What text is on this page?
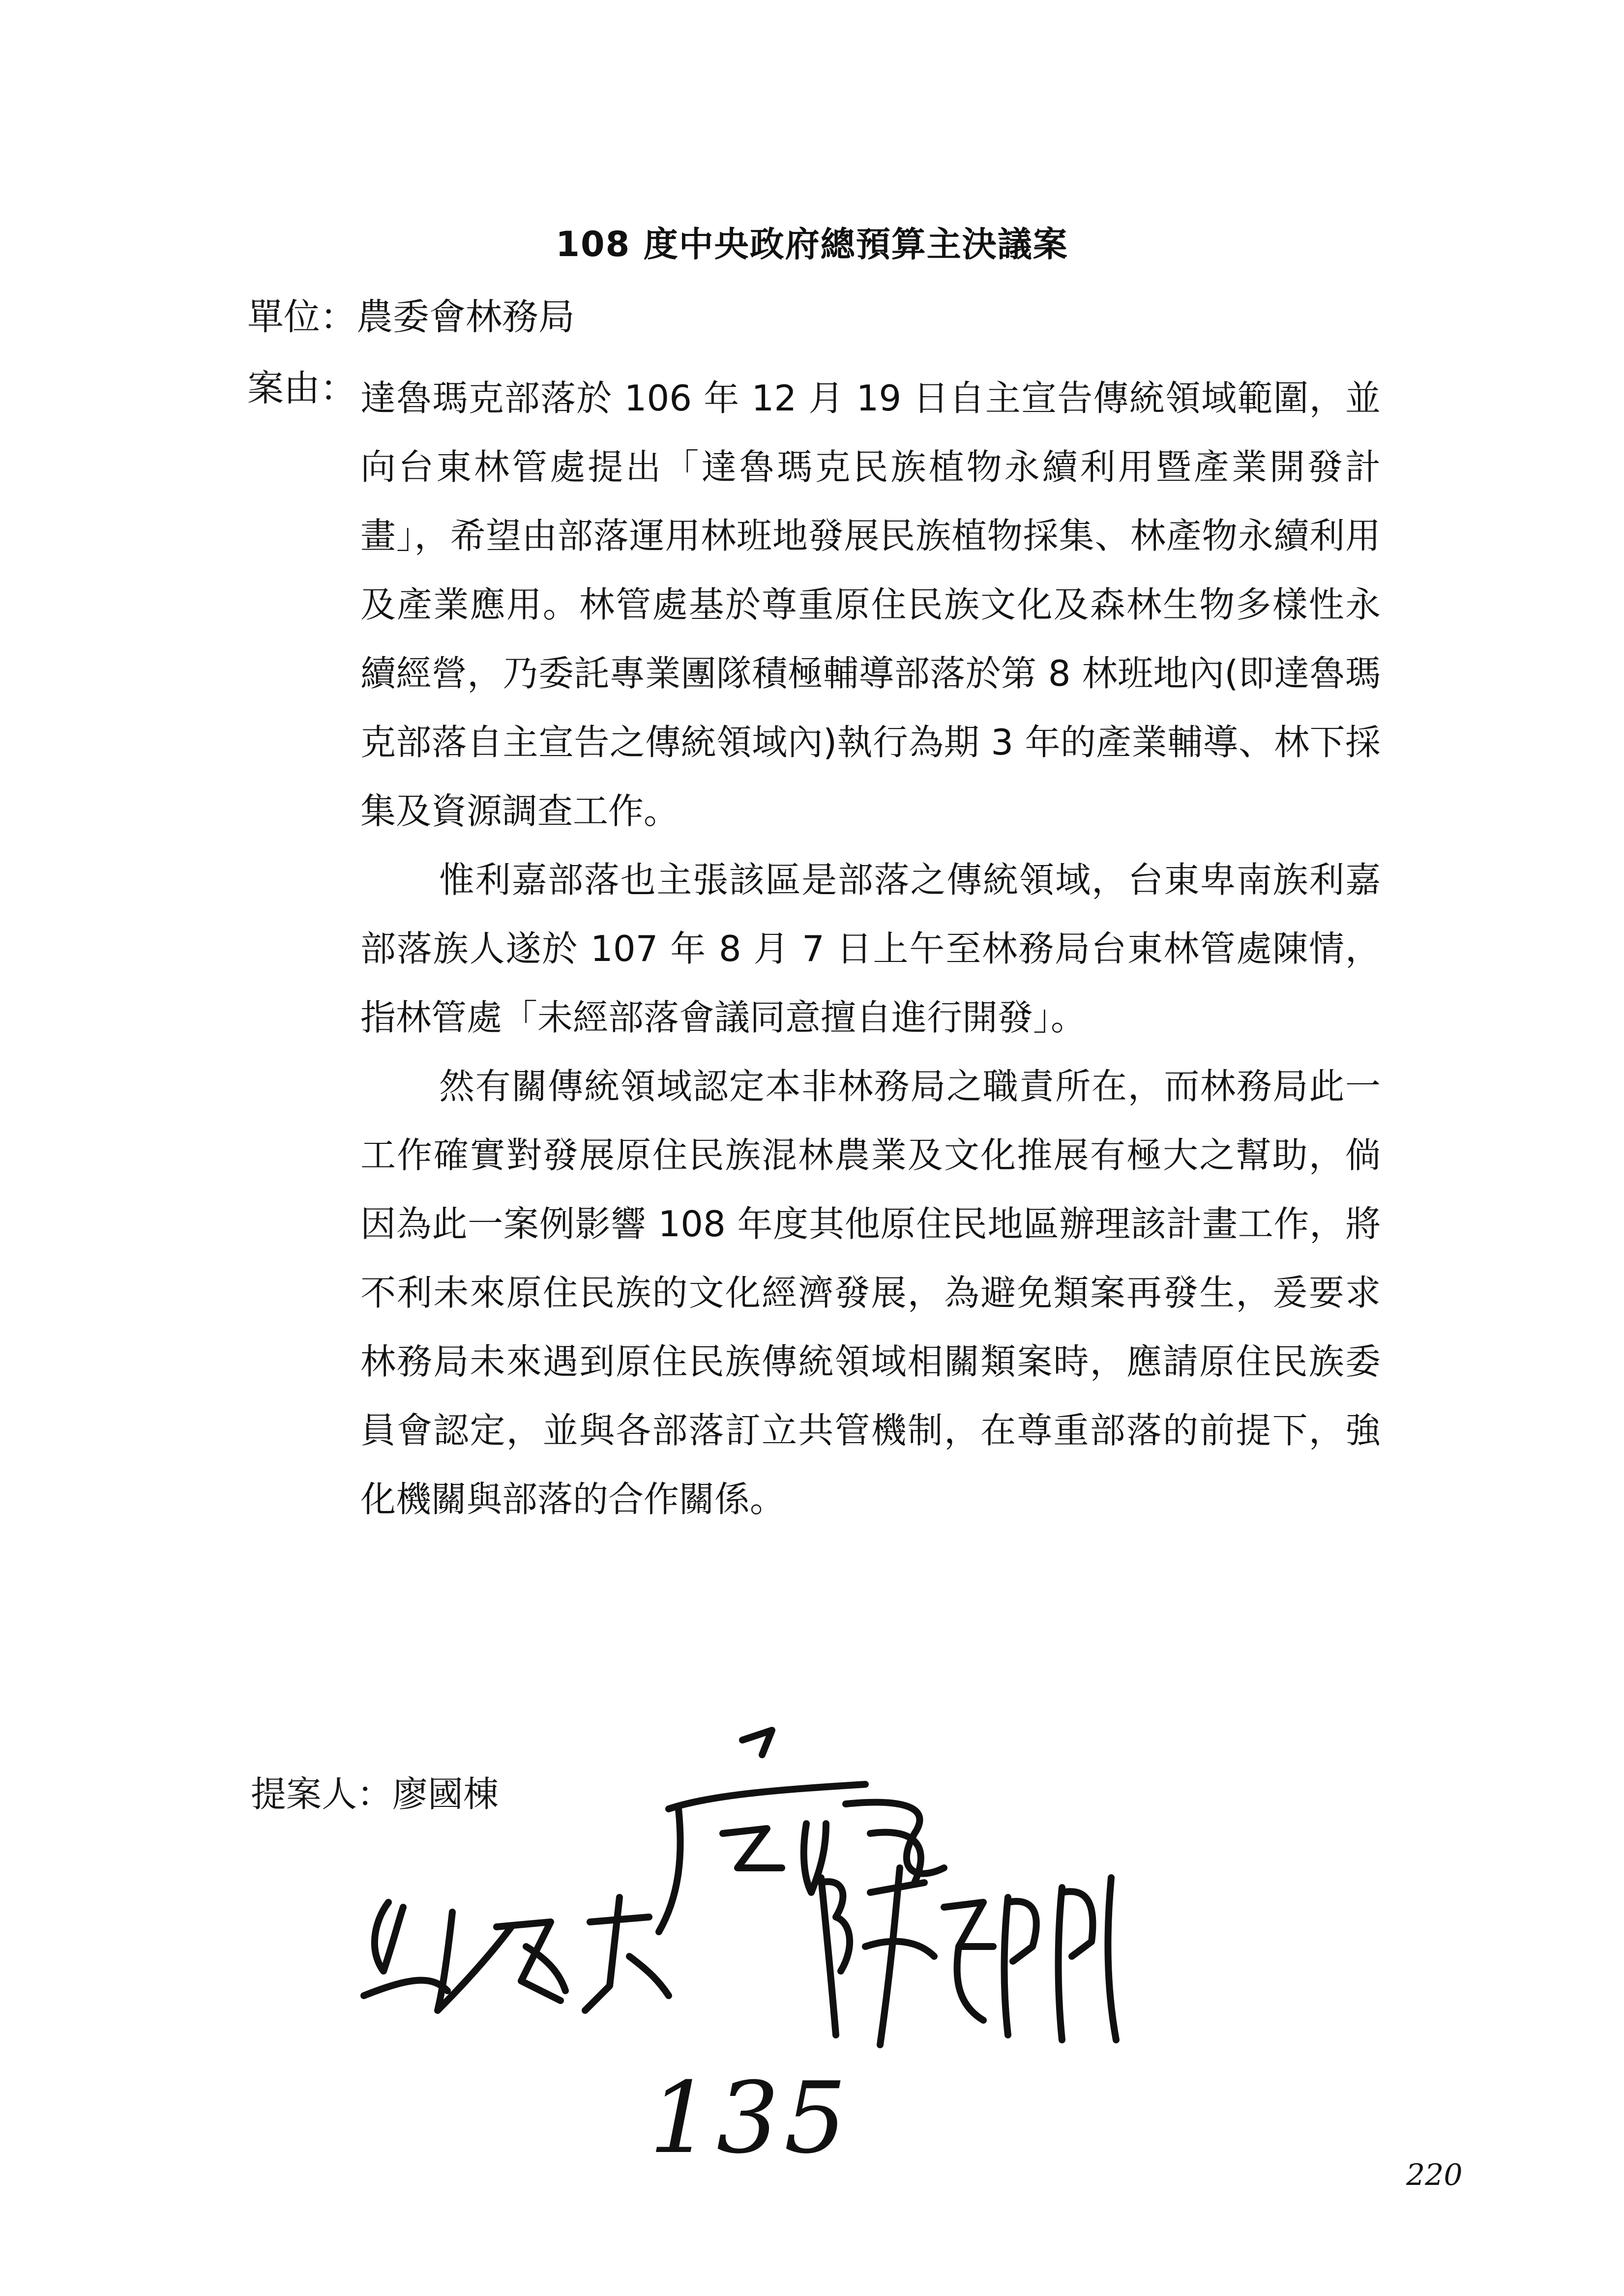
108 度中央政府總預算主決議案
單位：農委會林務局
案由： 達魯瑪克部落於 106 年 12 月 19 日自主宣告傳統領域範圍，並向台東林管處提出「達魯瑪克民族植物永續利用暨產業開發計畫」，希望由部落運用林班地發展民族植物採集、林產物永續利用及產業應用。林管處基於尊重原住民族文化及森林生物多樣性永續經營，乃委託專業團隊積極輔導部落於第 8 林班地內(即達魯瑪克部落自主宣告之傳統領域內)執行為期 3 年的產業輔導、林下採集及資源調查工作。

惟利嘉部落也主張該區是部落之傳統領域，台東卑南族利嘉部落族人遂於 107 年 8 月 7 日上午至林務局台東林管處陳情，指林管處「未經部落會議同意擅自進行開發」。

然有關傳統領域認定本非林務局之職責所在，而林務局此一工作確實對發展原住民族混林農業及文化推展有極大之幫助，倘因為此一案例影響 108 年度其他原住民地區辦理該計畫工作，將不利未來原住民族的文化經濟發展，為避免類案再發生，爰要求林務局未來遇到原住民族傳統領域相關類案時，應請原住民族委員會認定，並與各部落訂立共管機制，在尊重部落的前提下，強化機關與部落的合作關係。

提案人：廖國棟
135	220
